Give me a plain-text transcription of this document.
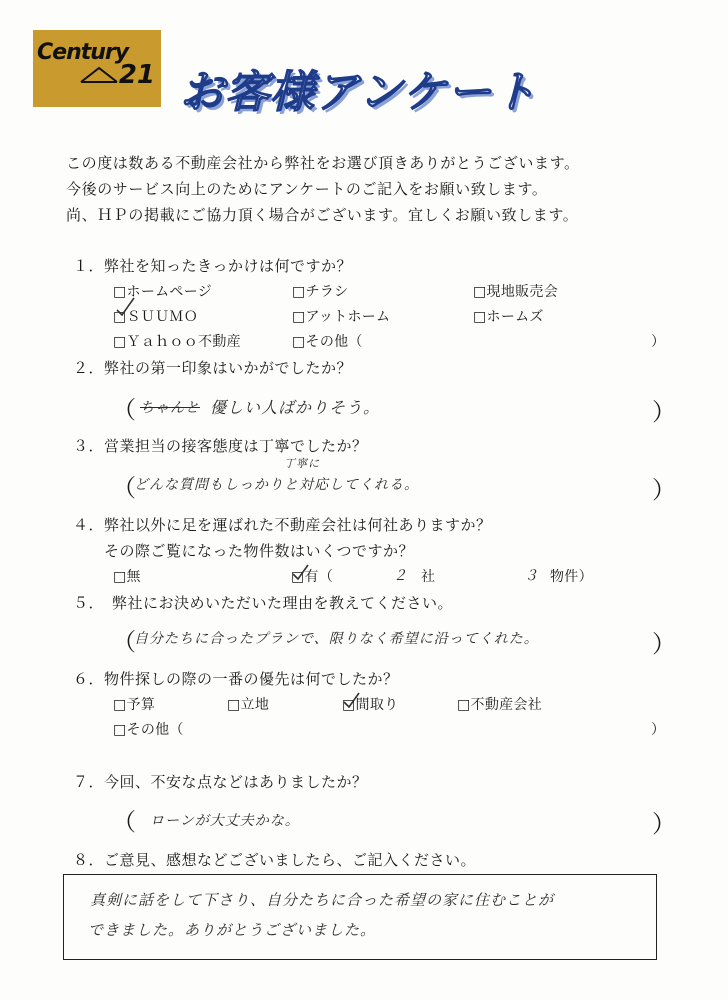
Century
21 お客様アンケート
この度は数ある不動産会社から弊社をお選び頂きありがとうございます。
今後のサービス向上のためにアンケートのご記入をお願い致します。
尚、ＨＰの掲載にご協力頂く場合がございます。宜しくお願い致します。
１．弊社を知ったきっかけは何ですか？
□ホームページ	□チラシ	□現地販売会
□ＳＵＵＭＯ	□アットホーム	□ホームズ
□Ｙａｈｏｏ不動産	□その他（	）
２．弊社の第一印象はいかがでしたか？
（ ちゃんと 優しい人ばかりそう。	）
３．営業担当の接客態度は丁寧でしたか？
丁寧に
（
どんな質問もしっかりと対応してくれる。	）
４．弊社以外に足を運ばれた不動産会社は何社ありますか？
その際ご覧になった物件数はいくつですか？
□無	□有（	２ 社	３ 物件）
５．　弊社にお決めいただいた理由を教えてください。
（
自分たちに合ったプランで、限りなく希望に沿ってくれた。	）
６．物件探しの際の一番の優先は何でしたか？
□予算	□立地	□間取り	□不動産会社
□その他（	）
７．今回、不安な点などはありましたか？
（ ローンが大丈夫かな。	）
８．ご意見、感想などございましたら、ご記入ください。
真剣に話をして下さり、自分たちに合った希望の家に住むことが
できました。ありがとうございました。
